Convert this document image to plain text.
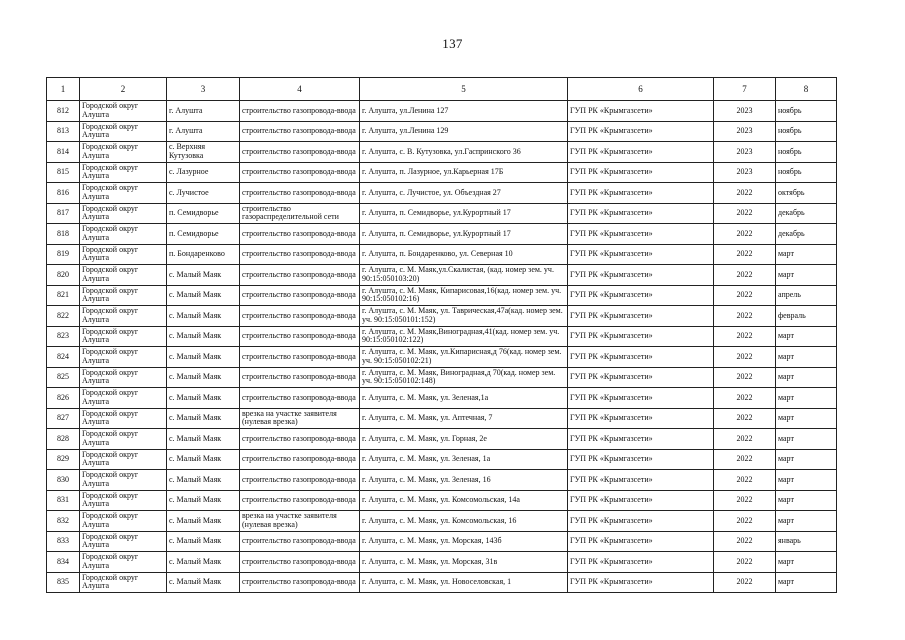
137
1	2	3	4	5	6	7	8
812	Городской округ Алушта	г. Алушта	строительство газопровода-ввода	г. Алушта, ул.Ленина 127	ГУП РК «Крымгазсети»	2023	ноябрь
813	Городской округ Алушта	г. Алушта	строительство газопровода-ввода	г. Алушта, ул.Ленина 129	ГУП РК «Крымгазсети»	2023	ноябрь
814	Городской округ Алушта	с. Верхняя Кутузовка	строительство газопровода-ввода	г. Алушта, с. В. Кутузовка, ул.Гаспринского 36	ГУП РК «Крымгазсети»	2023	ноябрь
815	Городской округ Алушта	с. Лазурное	строительство газопровода-ввода	г. Алушта, п. Лазурное, ул.Карьерная 17Б	ГУП РК «Крымгазсети»	2023	ноябрь
816	Городской округ Алушта	с. Лучистое	строительство газопровода-ввода	г. Алушта, с. Лучистое, ул. Объездная 27	ГУП РК «Крымгазсети»	2022	октябрь
817	Городской округ Алушта	п. Семидворье	строительство газораспределительной сети	г. Алушта, п. Семидворье, ул.Курортный 17	ГУП РК «Крымгазсети»	2022	декабрь
818	Городской округ Алушта	п. Семидворье	строительство газопровода-ввода	г. Алушта, п. Семидворье, ул.Курортный 17	ГУП РК «Крымгазсети»	2022	декабрь
819	Городской округ Алушта	п. Бондаренково	строительство газопровода-ввода	г. Алушта, п. Бондаренково, ул. Северная 10	ГУП РК «Крымгазсети»	2022	март
820	Городской округ Алушта	с. Малый Маяк	строительство газопровода-ввода	г. Алушта, с. М. Маяк,ул.Скалистая, (кад. номер зем. уч. 90:15:050103:20)	ГУП РК «Крымгазсети»	2022	март
821	Городской округ Алушта	с. Малый Маяк	строительство газопровода-ввода	г. Алушта, с. М. Маяк, Кипарисовая,16(кад. номер зем. уч. 90:15:050102:16)	ГУП РК «Крымгазсети»	2022	апрель
822	Городской округ Алушта	с. Малый Маяк	строительство газопровода-ввода	г. Алушта, с. М. Маяк, ул. Таврическая,47а(кад. номер зем. уч. 90:15:050101:152)	ГУП РК «Крымгазсети»	2022	февраль
823	Городской округ Алушта	с. Малый Маяк	строительство газопровода-ввода	г. Алушта, с. М. Маяк,Виноградная,41(кад. номер зем. уч. 90:15:050102:122)	ГУП РК «Крымгазсети»	2022	март
824	Городской округ Алушта	с. Малый Маяк	строительство газопровода-ввода	г. Алушта, с. М. Маяк, ул.Кипарисная,д 76(кад. номер зем. уч. 90:15:050102:21)	ГУП РК «Крымгазсети»	2022	март
825	Городской округ Алушта	с. Малый Маяк	строительство газопровода-ввода	г. Алушта, с. М. Маяк, Виноградная,д 70(кад. номер зем. уч. 90:15:050102:148)	ГУП РК «Крымгазсети»	2022	март
826	Городской округ Алушта	с. Малый Маяк	строительство газопровода-ввода	г. Алушта, с. М. Маяк, ул. Зеленая,1а	ГУП РК «Крымгазсети»	2022	март
827	Городской округ Алушта	с. Малый Маяк	врезка на участке заявителя (нулевая врезка)	г. Алушта, с. М. Маяк, ул. Аптечная, 7	ГУП РК «Крымгазсети»	2022	март
828	Городской округ Алушта	с. Малый Маяк	строительство газопровода-ввода	г. Алушта, с. М. Маяк, ул. Горная, 2е	ГУП РК «Крымгазсети»	2022	март
829	Городской округ Алушта	с. Малый Маяк	строительство газопровода-ввода	г. Алушта, с. М. Маяк, ул. Зеленая, 1а	ГУП РК «Крымгазсети»	2022	март
830	Городской округ Алушта	с. Малый Маяк	строительство газопровода-ввода	г. Алушта, с. М. Маяк, ул. Зеленая, 16	ГУП РК «Крымгазсети»	2022	март
831	Городской округ Алушта	с. Малый Маяк	строительство газопровода-ввода	г. Алушта, с. М. Маяк, ул. Комсомольская, 14а	ГУП РК «Крымгазсети»	2022	март
832	Городской округ Алушта	с. Малый Маяк	врезка на участке заявителя (нулевая врезка)	г. Алушта, с. М. Маяк, ул. Комсомольская, 16	ГУП РК «Крымгазсети»	2022	март
833	Городской округ Алушта	с. Малый Маяк	строительство газопровода-ввода	г. Алушта, с. М. Маяк, ул. Морская, 143б	ГУП РК «Крымгазсети»	2022	январь
834	Городской округ Алушта	с. Малый Маяк	строительство газопровода-ввода	г. Алушта, с. М. Маяк, ул. Морская, 31в	ГУП РК «Крымгазсети»	2022	март
835	Городской округ Алушта	с. Малый Маяк	строительство газопровода-ввода	г. Алушта, с. М. Маяк, ул. Новоселовская, 1	ГУП РК «Крымгазсети»	2022	март
